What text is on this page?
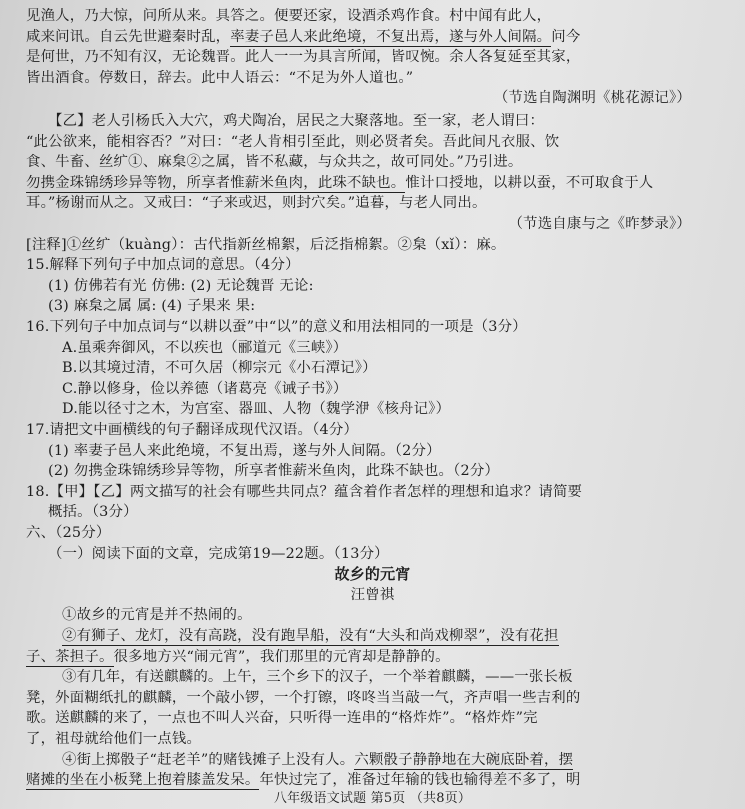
见渔人，乃大惊，问所从来。具答之。便要还家，设酒杀鸡作食。村中闻有此人，
咸来问讯。自云先世避秦时乱，率妻子邑人来此绝境，不复出焉，遂与外人间隔。问今
是何世，乃不知有汉，无论魏晋。此人一一为具言所闻，皆叹惋。余人各复延至其家，
皆出酒食。停数日，辞去。此中人语云：“不足为外人道也。”
（节选自陶渊明《桃花源记》）
【乙】老人引杨氏入大穴，鸡犬陶冶，居民之大聚落地。至一家，老人谓曰：
“此公欲来，能相容否？”对曰：“老人肯相引至此，则必贤者矣。吾此间凡衣服、饮
食、牛畜、丝纩①、麻枲②之属，皆不私藏，与众共之，故可同处。”乃引进。
勿携金珠锦绣珍异等物，所享者惟薪米鱼肉，此珠不缺也。惟计口授地，以耕以蚕，不可取食于人
耳。”杨谢而从之。又戒曰：“子来或迟，则封穴矣。”追暮，与老人同出。
（节选自康与之《昨梦录》）
[注释]①丝纩（kuàng）：古代指新丝棉絮，后泛指棉絮。②枲（xǐ）：麻。
15.解释下列句子中加点词的意思。（4分）
(1) 仿佛若有光 仿佛: (2) 无论魏晋 无论:
(3) 麻枲之属 属: (4) 子果来 果:
16.下列句子中加点词与“以耕以蚕”中“以”的意义和用法相同的一项是（3分）
A.虽乘奔御风，不以疾也（郦道元《三峡》）
B.以其境过清，不可久居（柳宗元《小石潭记》）
C.静以修身，俭以养德（诸葛亮《诫子书》）
D.能以径寸之木，为宫室、器皿、人物（魏学洢《核舟记》）
17.请把文中画横线的句子翻译成现代汉语。（4分）
(1) 率妻子邑人来此绝境，不复出焉，遂与外人间隔。（2分）
(2) 勿携金珠锦绣珍异等物，所享者惟薪米鱼肉，此珠不缺也。（2分）
18.【甲】【乙】两文描写的社会有哪些共同点？蕴含着作者怎样的理想和追求？请简要
概括。（3分）
六、（25分）
（一）阅读下面的文章，完成第19—22题。（13分）
故乡的元宵
汪曾祺
①故乡的元宵是并不热闹的。
②有狮子、龙灯，没有高跷，没有跑旱船，没有“大头和尚戏柳翠”，没有花担
子、茶担子。很多地方兴“闹元宵”，我们那里的元宵却是静静的。
③有几年，有送麒麟的。上午，三个乡下的汉子，一个举着麒麟，——一张长板
凳，外面糊纸扎的麒麟，一个敲小锣，一个打镲，咚咚当当敲一气，齐声唱一些吉利的
歌。送麒麟的来了，一点也不叫人兴奋，只听得一连串的“格炸炸”。“格炸炸”完
了，祖母就给他们一点钱。
④街上掷骰子“赶老羊”的赌钱摊子上没有人。六颗骰子静静地在大碗底卧着，摆
赌摊的坐在小板凳上抱着膝盖发呆。年快过完了，准备过年输的钱也输得差不多了，明
八年级语文试题 第5页 （共8页）
